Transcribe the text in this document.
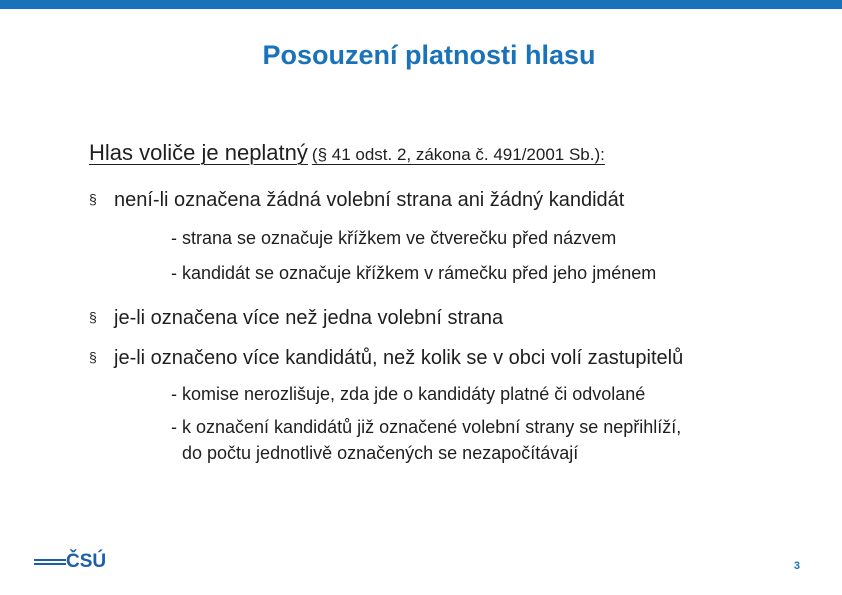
Posouzení platnosti hlasu
Hlas voliče je neplatný (§ 41 odst. 2, zákona č. 491/2001 Sb.):
§ není-li označena žádná volební strana ani žádný kandidát
- strana se označuje křížkem ve čtverečku před názvem
- kandidát se označuje křížkem v rámečku před jeho jménem
§ je-li označena více než jedna volební strana
§ je-li označeno více kandidátů, než kolik se v obci volí zastupitelů
- komise nerozlišuje, zda jde o kandidáty platné či odvolané
- k označení kandidátů již označené volební strany se nepřihlíží,
do počtu jednotlivě označených se nezapočítávají
ČSÚ	3
